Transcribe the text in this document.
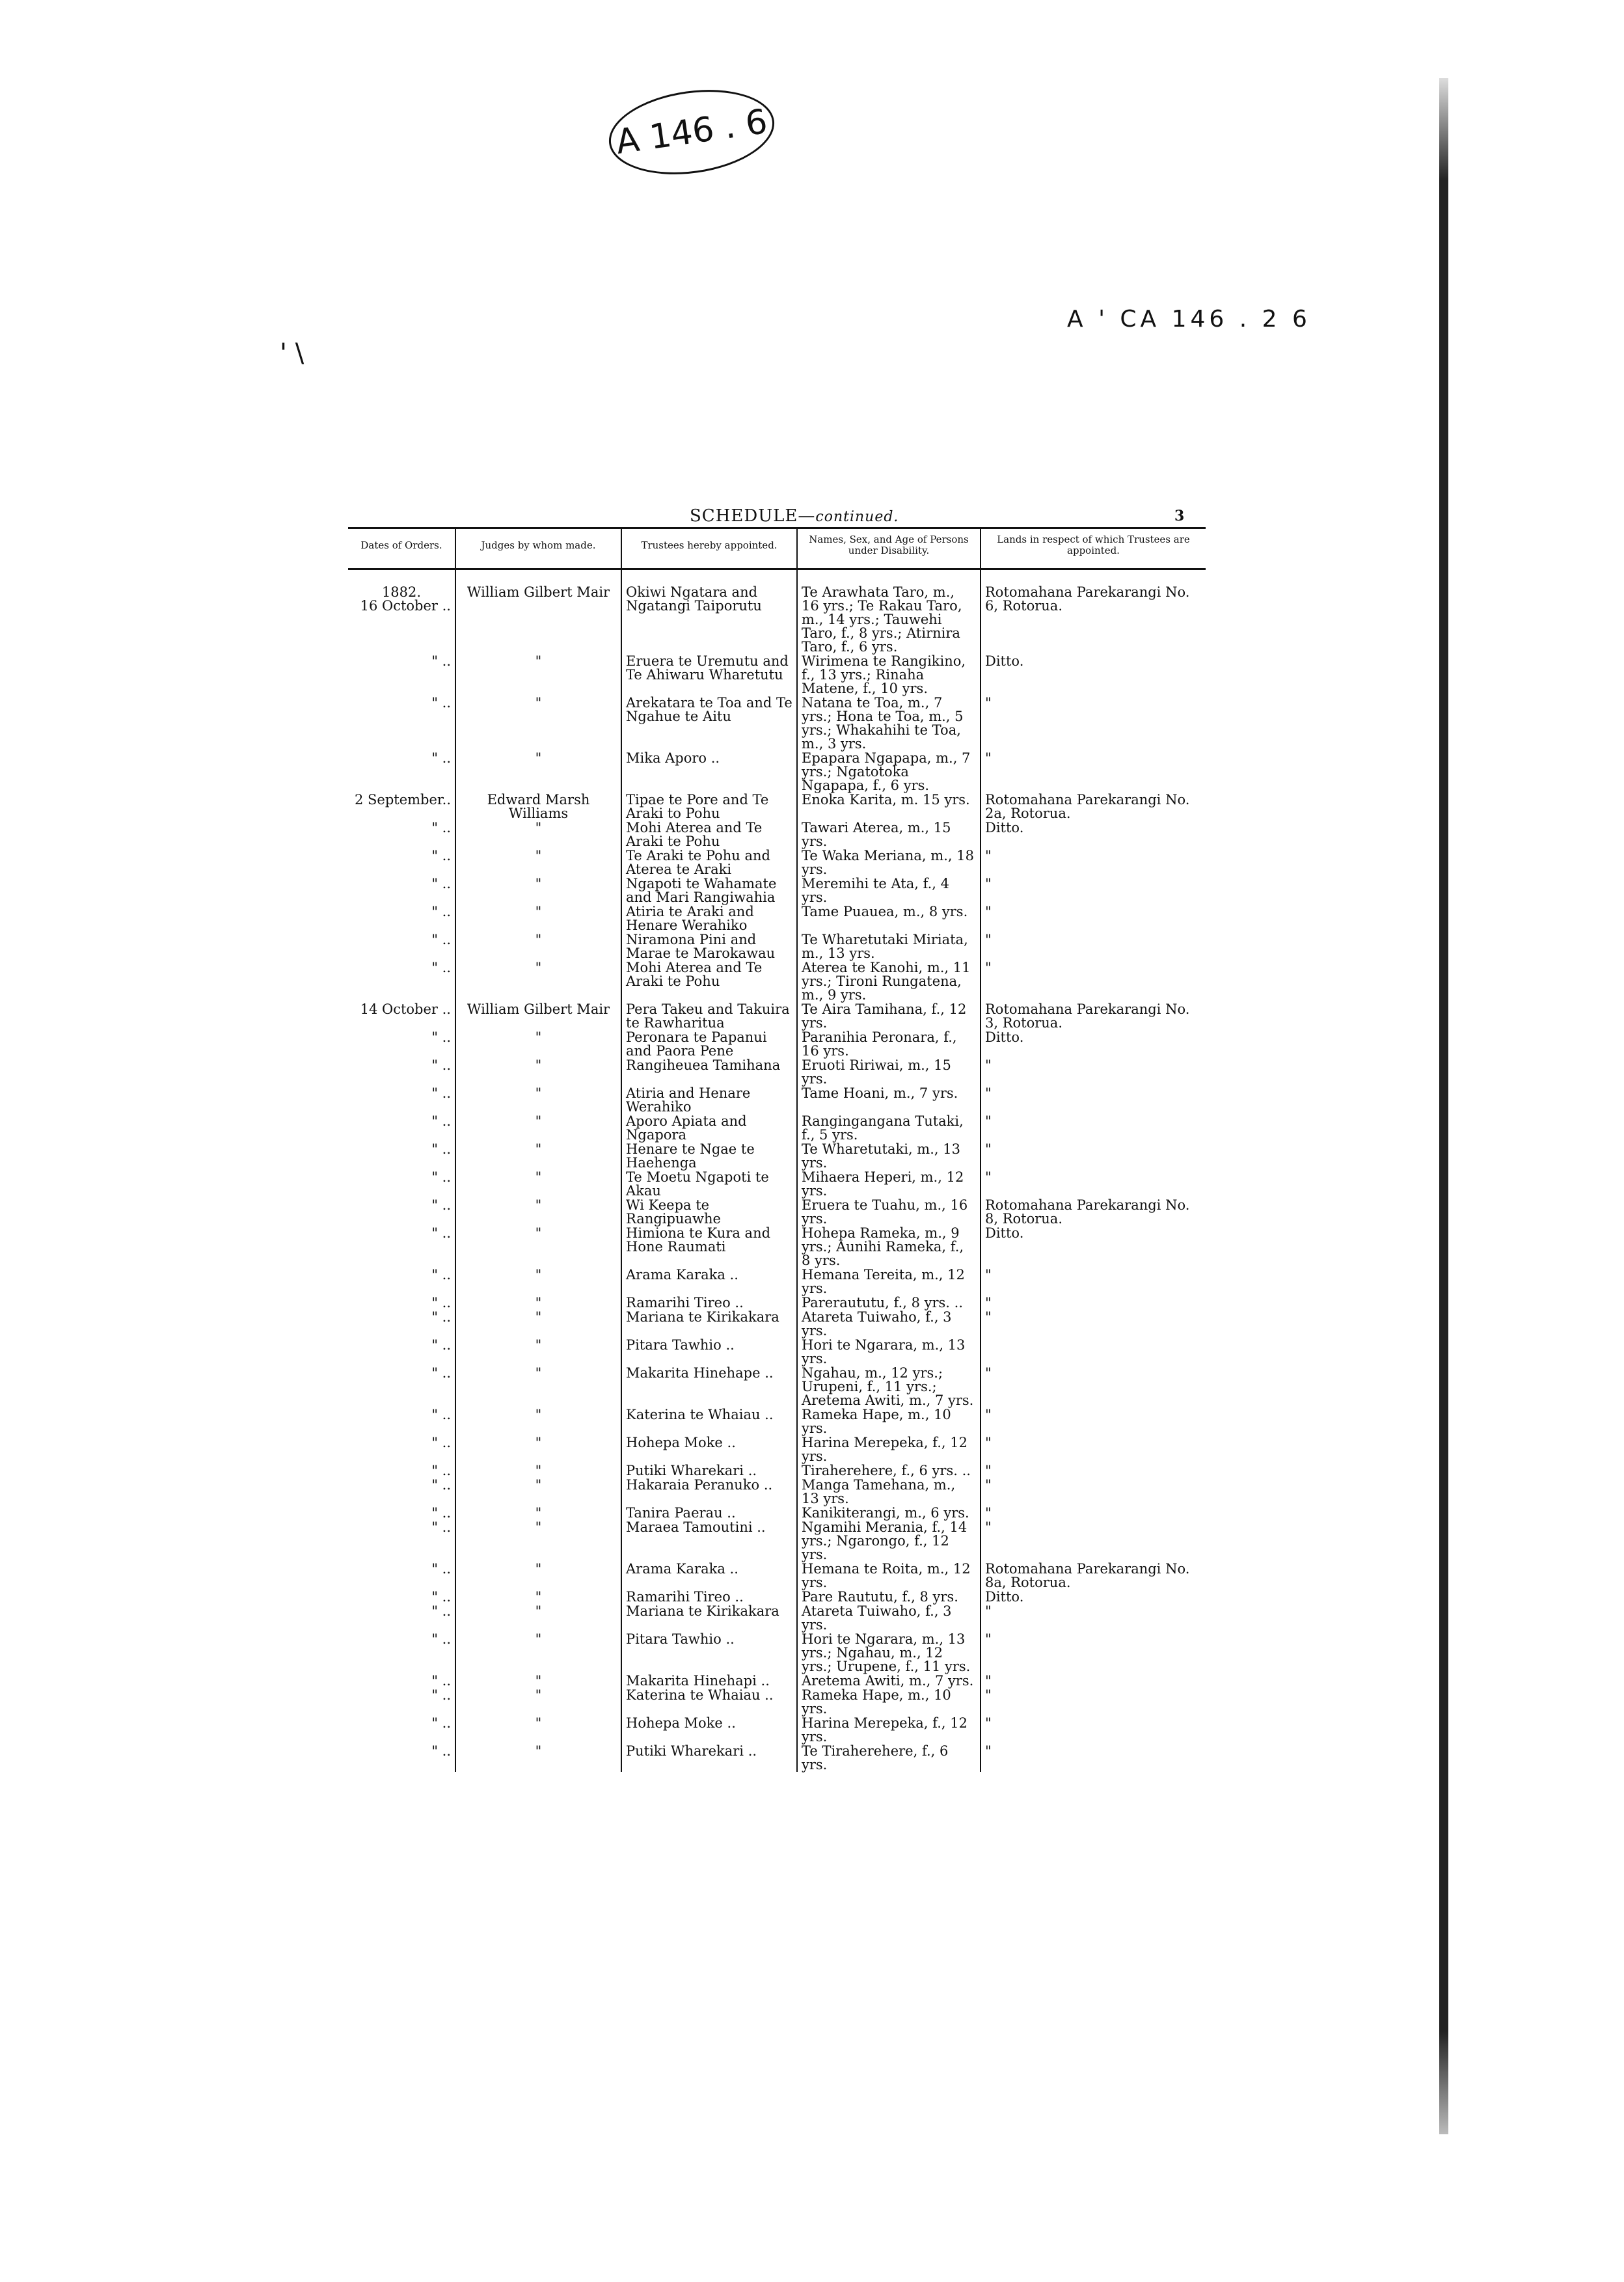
A 146 . 6
A ' CA 146 . 2 6
' \
SCHEDULE—continued.	3
Dates of Orders.	Judges by whom made.	Trustees hereby appointed.	Names, Sex, and Age of Persons under Disability.	Lands in respect of which Trustees are appointed.

1882.
16 October ..	William Gilbert Mair	Okiwi Ngatara and Ngatangi Taiporutu	Te Arawhata Taro, m., 16 yrs.; Te Rakau Taro, m., 14 yrs.; Tauwehi Taro, f., 8 yrs.; Atirnira Taro, f., 6 yrs.	Rotomahana Parekarangi No. 6, Rotorua.
" ..	"	Eruera te Uremutu and Te Ahiwaru Wharetutu	Wirimena te Rangikino, f., 13 yrs.; Rinaha Matene, f., 10 yrs.	Ditto.
" ..	"	Arekatara te Toa and Te Ngahue te Aitu	Natana te Toa, m., 7 yrs.; Hona te Toa, m., 5 yrs.; Whakahihi te Toa, m., 3 yrs.	"
" ..	"	Mika Aporo ..	Epapara Ngapapa, m., 7 yrs.; Ngatotoka Ngapapa, f., 6 yrs.	"
2 September..	Edward Marsh Williams	Tipae te Pore and Te Araki to Pohu	Enoka Karita, m. 15 yrs.	Rotomahana Parekarangi No. 2a, Rotorua.
" ..	"	Mohi Aterea and Te Araki te Pohu	Tawari Aterea, m., 15 yrs.	Ditto.
" ..	"	Te Araki te Pohu and Aterea te Araki	Te Waka Meriana, m., 18 yrs.	"
" ..	"	Ngapoti te Wahamate and Mari Rangiwahia	Meremihi te Ata, f., 4 yrs.	"
" ..	"	Atiria te Araki and Henare Werahiko	Tame Puauea, m., 8 yrs.	"
" ..	"	Niramona Pini and Marae te Marokawau	Te Wharetutaki Miriata, m., 13 yrs.	"
" ..	"	Mohi Aterea and Te Araki te Pohu	Aterea te Kanohi, m., 11 yrs.; Tironi Rungatena, m., 9 yrs.	"
14 October ..	William Gilbert Mair	Pera Takeu and Takuira te Rawharitua	Te Aira Tamihana, f., 12 yrs.	Rotomahana Parekarangi No. 3, Rotorua.
" ..	"	Peronara te Papanui and Paora Pene	Paranihia Peronara, f., 16 yrs.	Ditto.
" ..	"	Rangiheuea Tamihana	Eruoti Ririwai, m., 15 yrs.	"
" ..	"	Atiria and Henare Werahiko	Tame Hoani, m., 7 yrs.	"
" ..	"	Aporo Apiata and Ngapora	Rangingangana Tutaki, f., 5 yrs.	"
" ..	"	Henare te Ngae te Haehenga	Te Wharetutaki, m., 13 yrs.	"
" ..	"	Te Moetu Ngapoti te Akau	Mihaera Heperi, m., 12 yrs.	"
" ..	"	Wi Keepa te Rangipuawhe	Eruera te Tuahu, m., 16 yrs.	Rotomahana Parekarangi No. 8, Rotorua.
" ..	"	Himiona te Kura and Hone Raumati	Hohepa Rameka, m., 9 yrs.; Aunihi Rameka, f., 8 yrs.	Ditto.
" ..	"	Arama Karaka ..	Hemana Tereita, m., 12 yrs.	"
" ..	"	Ramarihi Tireo ..	Pareraututu, f., 8 yrs. ..	"
" ..	"	Mariana te Kirikakara	Atareta Tuiwaho, f., 3 yrs.	"
" ..	"	Pitara Tawhio ..	Hori te Ngarara, m., 13 yrs.	
" ..	"	Makarita Hinehape ..	Ngahau, m., 12 yrs.; Urupeni, f., 11 yrs.; Aretema Awiti, m., 7 yrs.	"
" ..	"	Katerina te Whaiau ..	Rameka Hape, m., 10 yrs.	"
" ..	"	Hohepa Moke ..	Harina Merepeka, f., 12 yrs.	"
" ..	"	Putiki Wharekari ..	Tiraherehere, f., 6 yrs. ..	"
" ..	"	Hakaraia Peranuko ..	Manga Tamehana, m., 13 yrs.	"
" ..	"	Tanira Paerau ..	Kanikiterangi, m., 6 yrs.	"
" ..	"	Maraea Tamoutini ..	Ngamihi Merania, f., 14 yrs.; Ngarongo, f., 12 yrs.	"
" ..	"	Arama Karaka ..	Hemana te Roita, m., 12 yrs.	Rotomahana Parekarangi No. 8a, Rotorua.
" ..	"	Ramarihi Tireo ..	Pare Raututu, f., 8 yrs.	Ditto.
" ..	"	Mariana te Kirikakara	Atareta Tuiwaho, f., 3 yrs.	"
" ..	"	Pitara Tawhio ..	Hori te Ngarara, m., 13 yrs.; Ngahau, m., 12 yrs.; Urupene, f., 11 yrs.	"
" ..	"	Makarita Hinehapi ..	Aretema Awiti, m., 7 yrs.	"
" ..	"	Katerina te Whaiau ..	Rameka Hape, m., 10 yrs.	"
" ..	"	Hohepa Moke ..	Harina Merepeka, f., 12 yrs.	"
" ..	"	Putiki Wharekari ..	Te Tiraherehere, f., 6 yrs.	"
